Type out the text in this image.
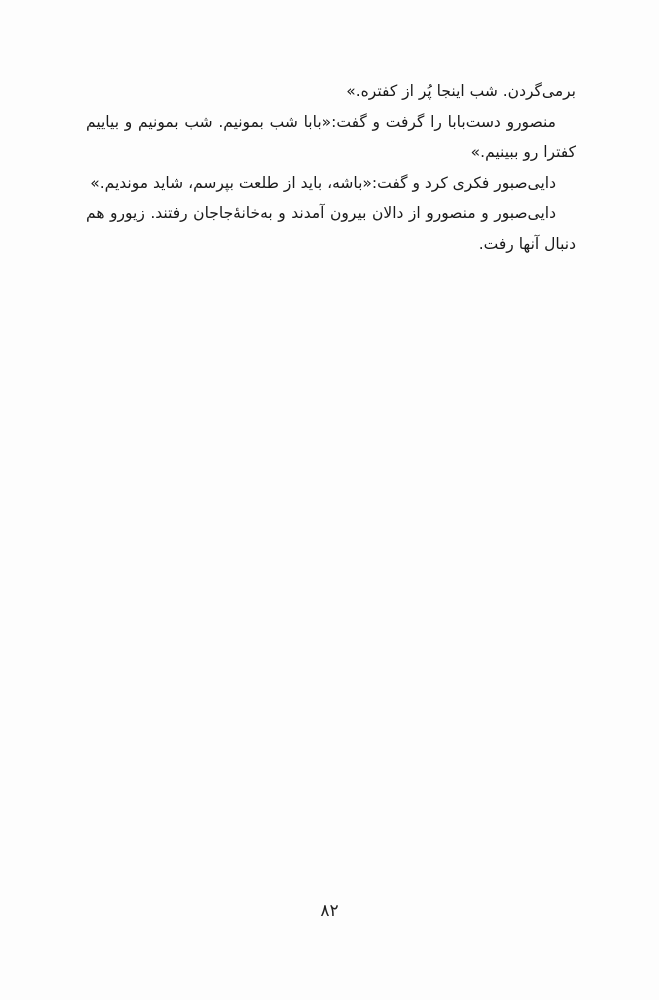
برمی‌گردن. شب اینجا پُر از کفتره.»

منصورو دست‌بابا را گرفت و گفت:«بابا شب بمونیم. شب بمونیم و بیاییم کفترا رو ببینیم.»

دایی‌صبور فکری کرد و گفت:«باشه، باید از طلعت بپرسم، شاید موندیم.»

دایی‌صبور و منصورو از دالان بیرون آمدند و به‌خانهٔ‌جاجان رفتند. زیورو هم دنبال آنها رفت.

۸۲
